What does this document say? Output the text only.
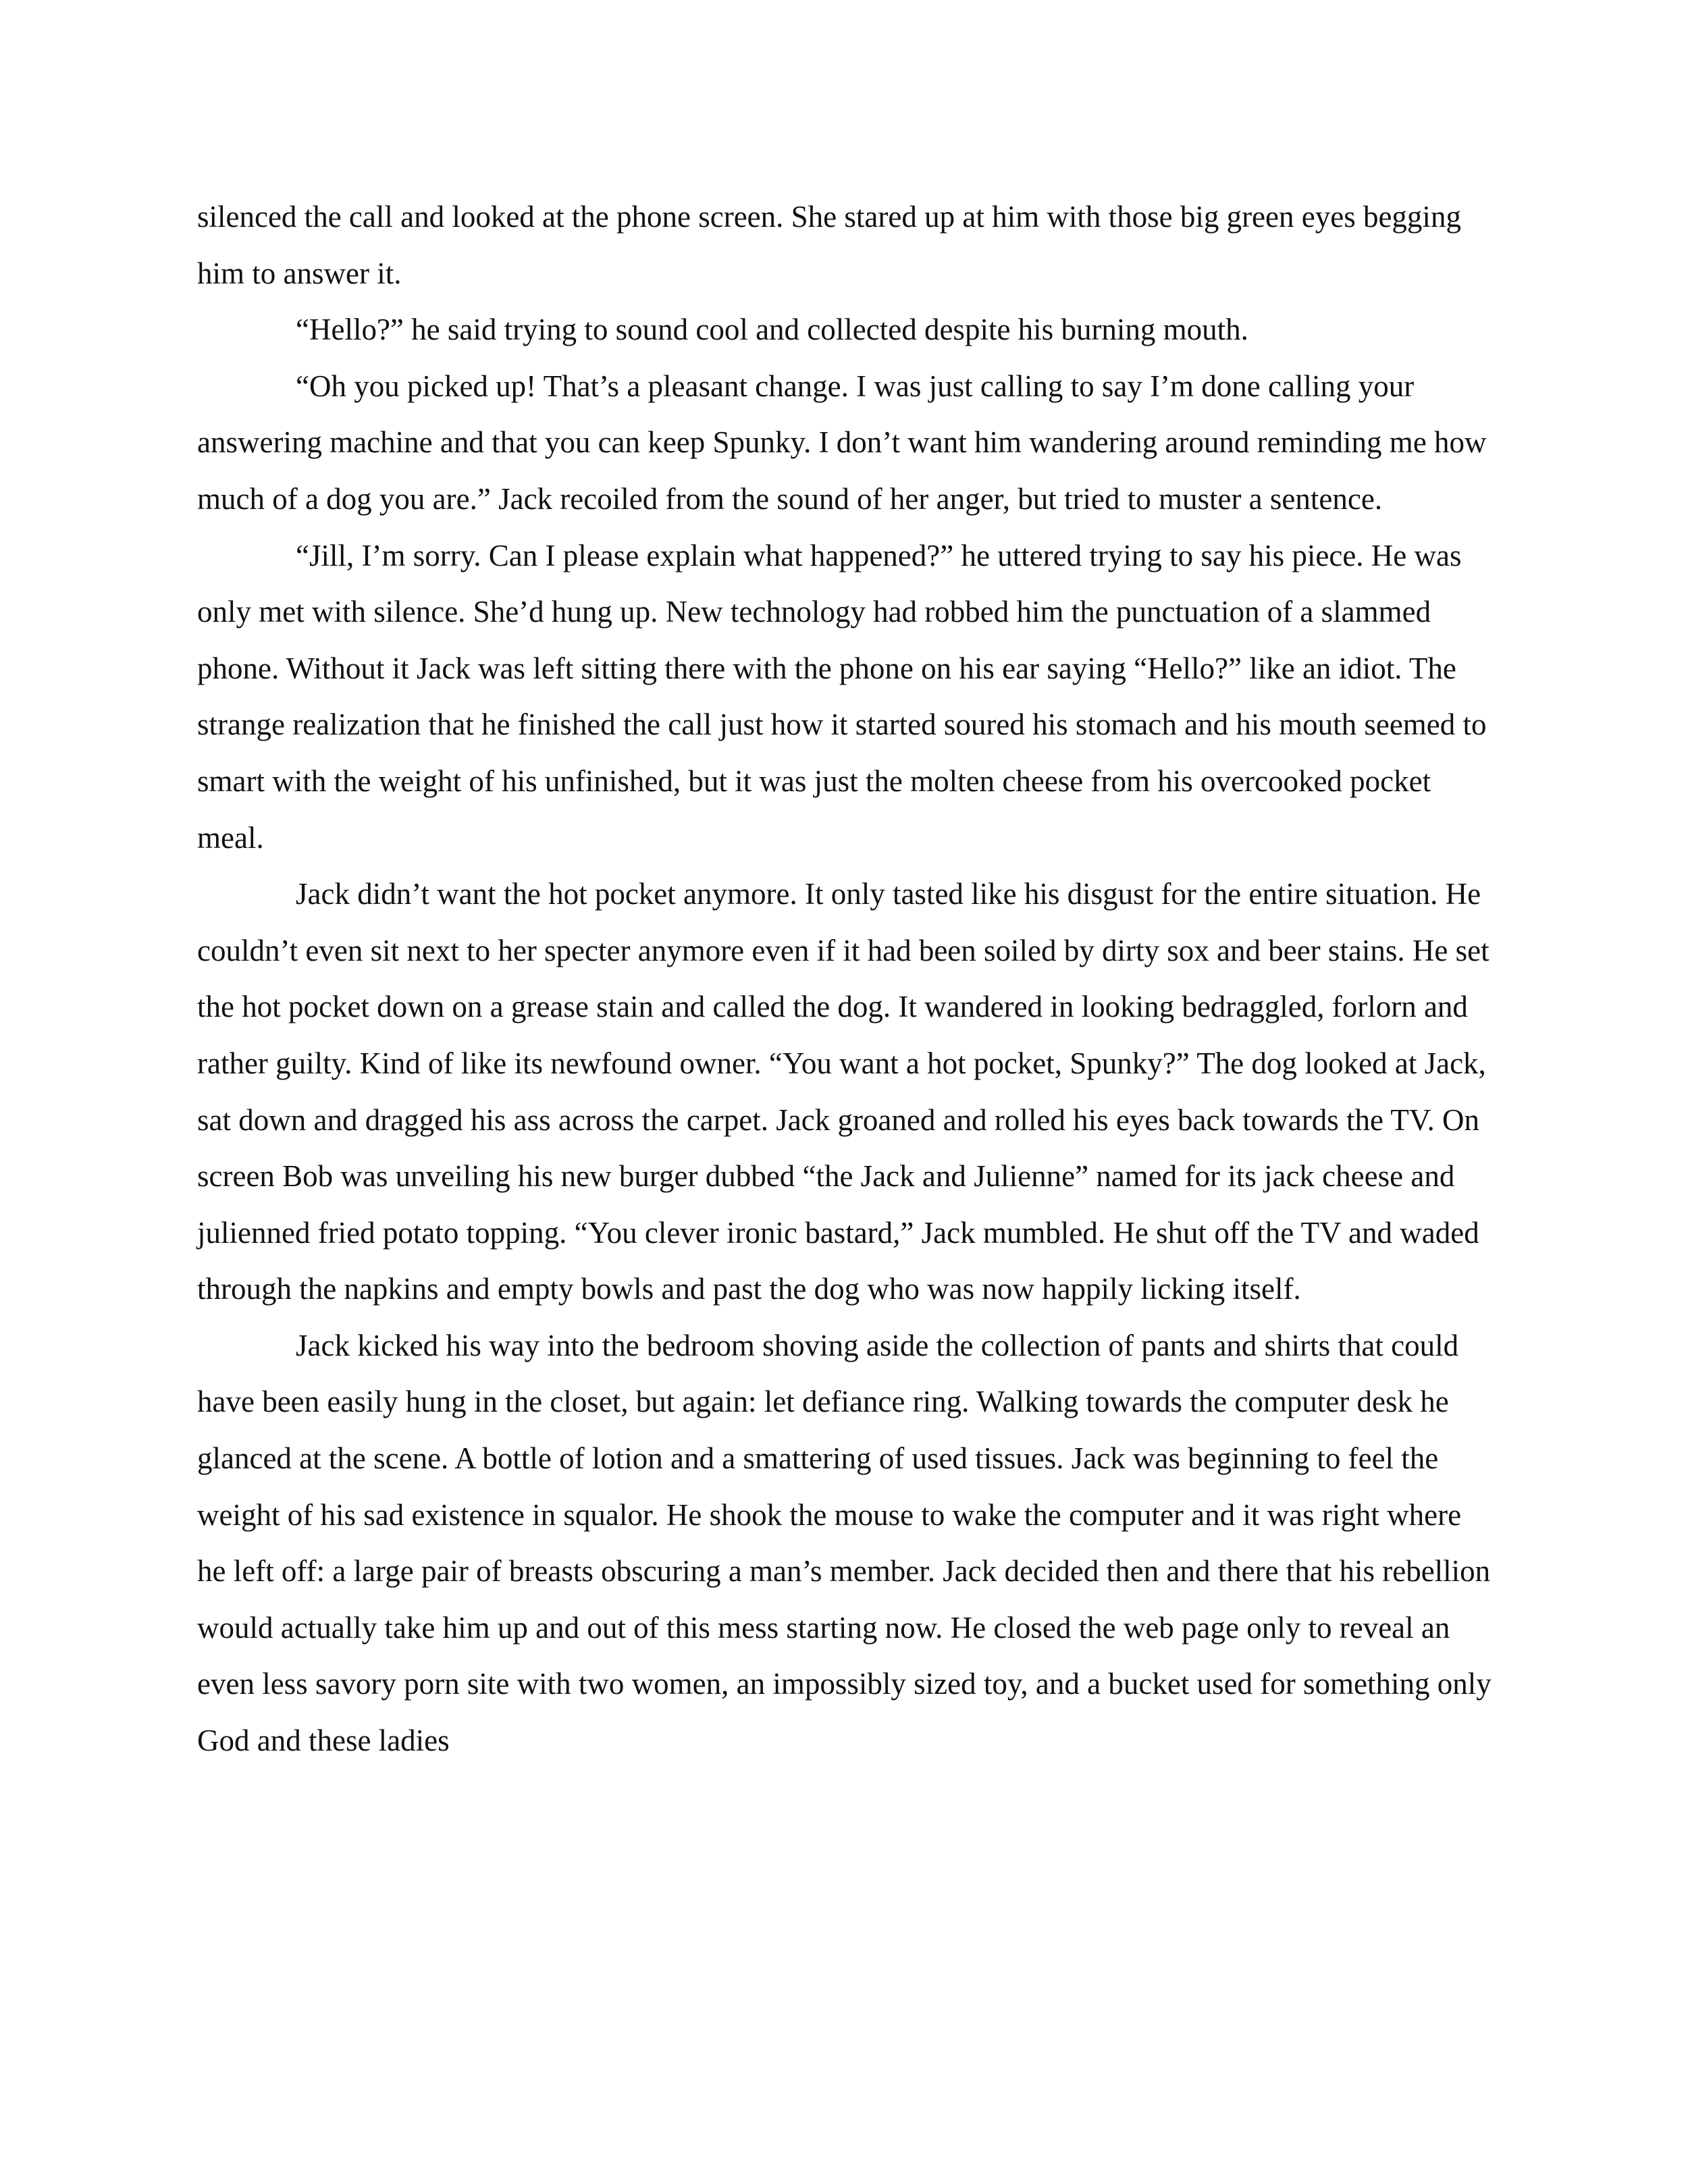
silenced the call and looked at the phone screen. She stared up at him with those big green eyes begging him to answer it.

“Hello?” he said trying to sound cool and collected despite his burning mouth.

“Oh you picked up! That’s a pleasant change. I was just calling to say I’m done calling your answering machine and that you can keep Spunky. I don’t want him wandering around reminding me how much of a dog you are.” Jack recoiled from the sound of her anger, but tried to muster a sentence.

“Jill, I’m sorry. Can I please explain what happened?” he uttered trying to say his piece. He was only met with silence. She’d hung up. New technology had robbed him the punctuation of a slammed phone. Without it Jack was left sitting there with the phone on his ear saying “Hello?” like an idiot. The strange realization that he finished the call just how it started soured his stomach and his mouth seemed to smart with the weight of his unfinished, but it was just the molten cheese from his overcooked pocket meal.

Jack didn’t want the hot pocket anymore. It only tasted like his disgust for the entire situation. He couldn’t even sit next to her specter anymore even if it had been soiled by dirty sox and beer stains. He set the hot pocket down on a grease stain and called the dog. It wandered in looking bedraggled, forlorn and rather guilty. Kind of like its newfound owner. “You want a hot pocket, Spunky?” The dog looked at Jack, sat down and dragged his ass across the carpet. Jack groaned and rolled his eyes back towards the TV. On screen Bob was unveiling his new burger dubbed “the Jack and Julienne” named for its jack cheese and julienned fried potato topping. “You clever ironic bastard,” Jack mumbled. He shut off the TV and waded through the napkins and empty bowls and past the dog who was now happily licking itself.

Jack kicked his way into the bedroom shoving aside the collection of pants and shirts that could have been easily hung in the closet, but again: let defiance ring. Walking towards the computer desk he glanced at the scene. A bottle of lotion and a smattering of used tissues. Jack was beginning to feel the weight of his sad existence in squalor. He shook the mouse to wake the computer and it was right where he left off: a large pair of breasts obscuring a man’s member. Jack decided then and there that his rebellion would actually take him up and out of this mess starting now. He closed the web page only to reveal an even less savory porn site with two women, an impossibly sized toy, and a bucket used for something only God and these ladies
